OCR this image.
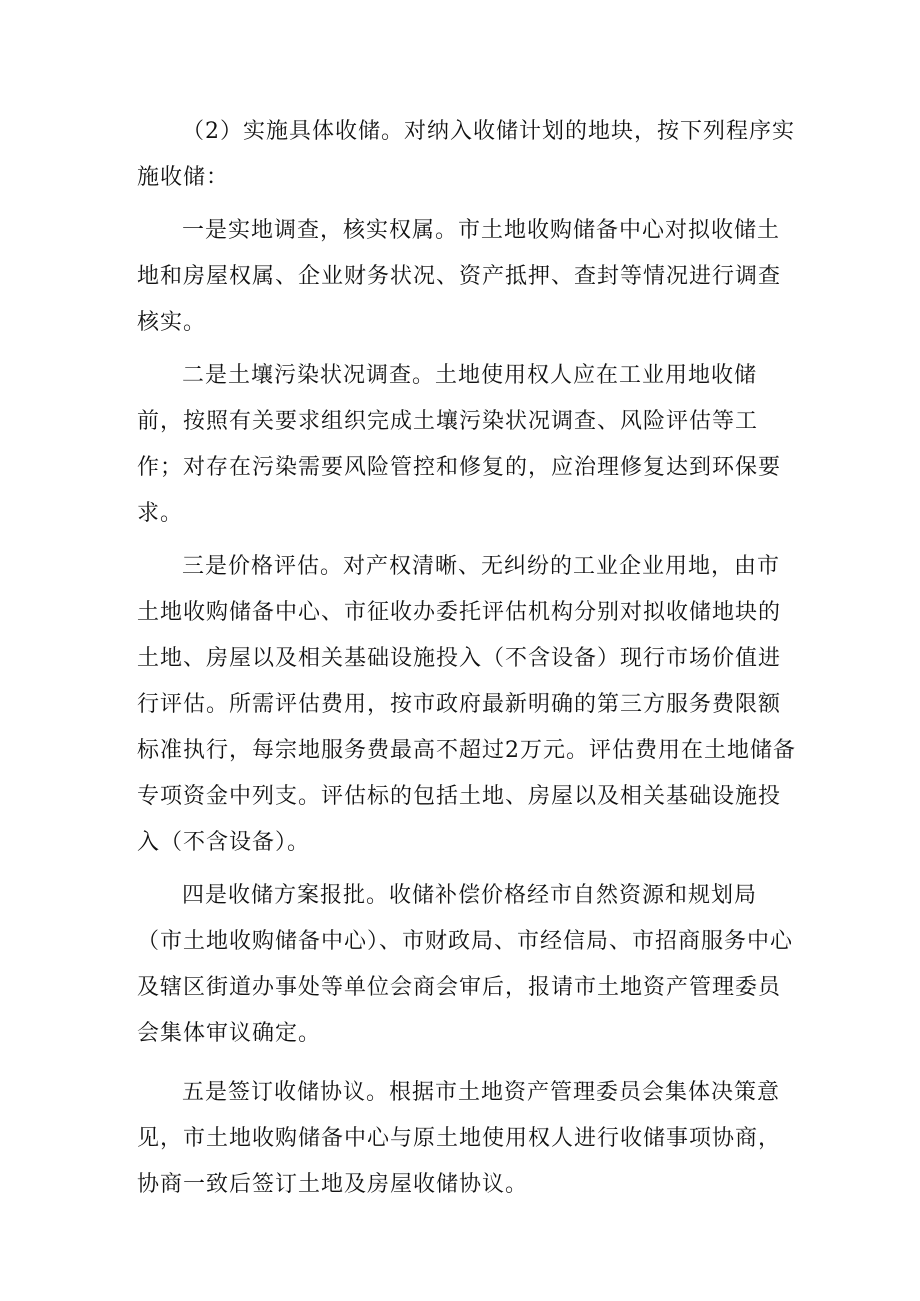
（2）实施具体收储。对纳入收储计划的地块，按下列程序实施收储：

一是实地调查，核实权属。市土地收购储备中心对拟收储土地和房屋权属、企业财务状况、资产抵押、查封等情况进行调查核实。

二是土壤污染状况调查。土地使用权人应在工业用地收储前，按照有关要求组织完成土壤污染状况调查、风险评估等工作；对存在污染需要风险管控和修复的，应治理修复达到环保要求。

三是价格评估。对产权清晰、无纠纷的工业企业用地，由市土地收购储备中心、市征收办委托评估机构分别对拟收储地块的土地、房屋以及相关基础设施投入（不含设备）现行市场价值进行评估。所需评估费用，按市政府最新明确的第三方服务费限额标准执行，每宗地服务费最高不超过2万元。评估费用在土地储备专项资金中列支。评估标的包括土地、房屋以及相关基础设施投入（不含设备）。

四是收储方案报批。收储补偿价格经市自然资源和规划局（市土地收购储备中心）、市财政局、市经信局、市招商服务中心及辖区街道办事处等单位会商会审后，报请市土地资产管理委员会集体审议确定。

五是签订收储协议。根据市土地资产管理委员会集体决策意见，市土地收购储备中心与原土地使用权人进行收储事项协商，协商一致后签订土地及房屋收储协议。
